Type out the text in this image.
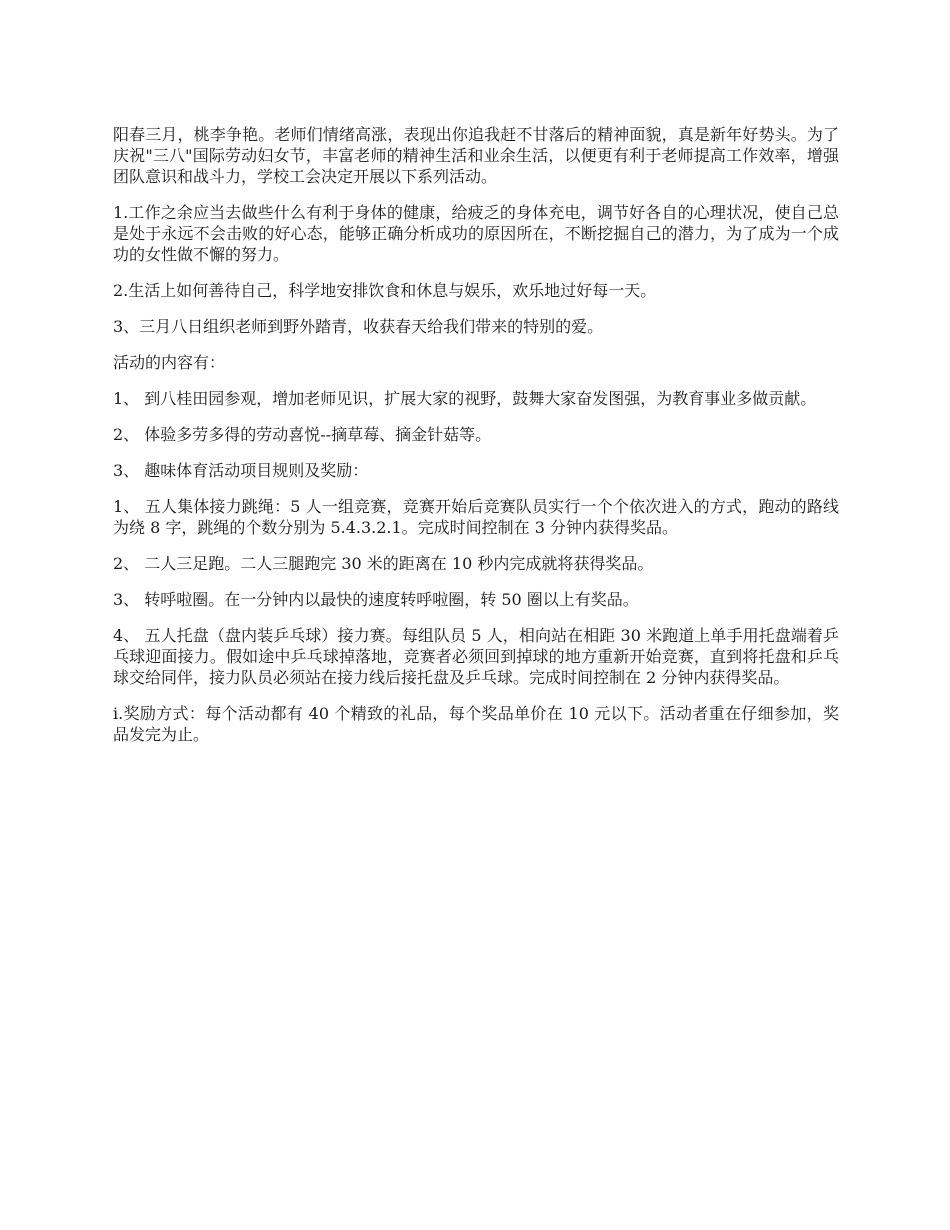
阳春三月，桃李争艳。老师们情绪高涨，表现出你追我赶不甘落后的精神面貌，真是新年好势头。为了庆祝"三八"国际劳动妇女节，丰富老师的精神生活和业余生活，以便更有利于老师提高工作效率，增强团队意识和战斗力，学校工会决定开展以下系列活动。

1.工作之余应当去做些什么有利于身体的健康，给疲乏的身体充电，调节好各自的心理状况，使自己总是处于永远不会击败的好心态，能够正确分析成功的原因所在，不断挖掘自己的潜力，为了成为一个成功的女性做不懈的努力。

2.生活上如何善待自己，科学地安排饮食和休息与娱乐，欢乐地过好每一天。

3、三月八日组织老师到野外踏青，收获春天给我们带来的特别的爱。

活动的内容有：

1、 到八桂田园参观，增加老师见识，扩展大家的视野，鼓舞大家奋发图强，为教育事业多做贡献。

2、 体验多劳多得的劳动喜悦--摘草莓、摘金针菇等。

3、 趣味体育活动项目规则及奖励：

1、 五人集体接力跳绳：5 人一组竞赛，竞赛开始后竞赛队员实行一个个依次进入的方式，跑动的路线为绕 8 字，跳绳的个数分别为 5.4.3.2.1。完成时间控制在 3 分钟内获得奖品。

2、 二人三足跑。二人三腿跑完 30 米的距离在 10 秒内完成就将获得奖品。

3、 转呼啦圈。在一分钟内以最快的速度转呼啦圈，转 50 圈以上有奖品。

4、 五人托盘（盘内装乒乓球）接力赛。每组队员 5 人，相向站在相距 30 米跑道上单手用托盘端着乒乓球迎面接力。假如途中乒乓球掉落地，竞赛者必须回到掉球的地方重新开始竞赛，直到将托盘和乒乓球交给同伴，接力队员必须站在接力线后接托盘及乒乓球。完成时间控制在 2 分钟内获得奖品。

i.奖励方式：每个活动都有 40 个精致的礼品，每个奖品单价在 10 元以下。活动者重在仔细参加，奖品发完为止。
